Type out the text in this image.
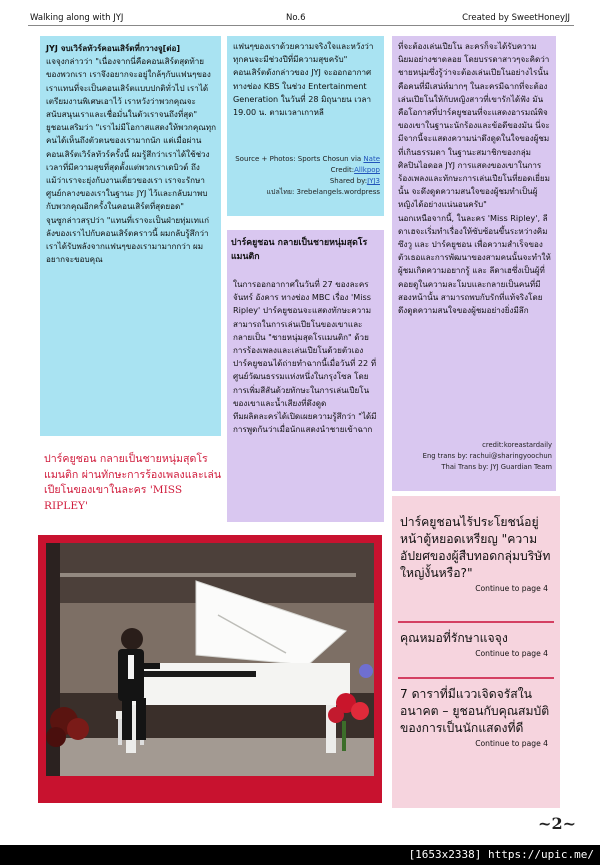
Walking along with JYJ	No.6	Created by SweetHoneyJJ

JYJ จบเวิร์ลทัวร์คอนเสิร์ตที่กวางจู[ต่อ]

แจจุงกล่าวว่า "เนื่องจากนี่คือคอนเสิร์ตสุดท้ายของพวกเรา เราจึงอยากจะอยู่ใกล้ๆกับแฟนๆของเราแทนที่จะเป็นคอนเสิร์ตแบบปกติทั่วไป เราได้เตรียมงานพิเศษเอาไว้ เราหวังว่าพวกคุณจะสนับสนุนเราและเชื่อมั่นในตัวเราจนถึงที่สุด"

ยูชอนเสริมว่า "เราไม่มีโอกาสแสดงให้พวกคุณทุกคนได้เห็นถึงตัวตนของเรามากนัก แต่เมื่อผ่านคอนเสิร์ตเวิร์ลทัวร์ครั้งนี้ ผมรู้สึกว่าเราได้ใช้ช่วงเวลาที่มีความสุขที่สุดตั้งแต่พวกเราเดบิวต์ ถึงแม้ว่าเราจะยุ่งกับงานเดี่ยวของเรา เราจะรักษาศูนย์กลางของเราในฐานะ JYJ ไว้และกลับมาพบกับพวกคุณอีกครั้งในคอนเสิร์ตที่สุดยอด"

จุนซูกล่าวสรุปว่า "แทนที่เราจะเป็นฝ่ายทุ่มเทแก่ลังของเราไปกับคอนเสิร์ตคราวนี้ ผมกลับรู้สึกว่าเราได้รับพลังจากแฟนๆของเรามามากกว่า ผมอยากจะขอบคุณ

แฟนๆของเราด้วยความจริงใจและหวังว่าทุกคนจะมีช่วงปีที่มีความสุขครับ"

คอนเสิร์ตดังกล่าวของ JYJ จะออกอากาศทางช่อง KBS ในช่วง Entertainment Generation ในวันที่ 28 มิถุนายน เวลา 19.00 น. ตามเวลาเกาหลี

Source + Photos: Sports Chosun via Nate
Credit:Allkpop
Shared by:JYJ3
แปลไทย: 3rebelangels.wordpress
ปาร์คยูชอน กลายเป็นชายหนุ่มสุดโรแมนติก

ในการออกอากาศในวันที่ 27 ของละครจันทร์ อังคาร ทางช่อง MBC เรื่อง 'Miss Ripley' ปาร์คยูชอนจะแสดงทักษะความสามารถในการเล่นเปียโนของเขาและกลายเป็น "ชายหนุ่มสุดโรแมนติก" ด้วยการร้องเพลงและเล่นเปียโนด้วยตัวเอง

ปาร์คยูชอนได้ถ่ายทำฉากนี้เมื่อวันที่ 22 ที่ศูนย์วัฒนธรรมแห่งหนึ่งในกรุงโซล โดยการเพิ่มสีสันด้วยทักษะในการเล่นเปียโนของเขาและน้ำเสียงที่ดึงดูด

ทีมผลิตละครได้เปิดเผยความรู้สึกว่า "ได้มีการพูดกันว่าเมื่อนักแสดงนำชายเข้าฉาก

ที่จะต้องเล่นเปียโน ละครก็จะได้รับความนิยมอย่างชาดลอย โดยบรรดาสาวๆจะคิดว่า ชายหนุ่มซึ่งรู้ว่าจะต้องเล่นเปียโนอย่างไรนั้นคือคนที่มีเสน่ห์มากๆ ในละครมีฉากที่จะต้องเล่นเปียโนให้กับหญิงสาวที่เขารักได้ฟัง มันคือโอกาสที่ปาร์คยูชอนที่จะแสดงอารมณ์พิจของเขาในฐานะนักร้องและข้อดีของมัน นี่จะมีจากนี้จะแสดงความน่าดึงดูดในใจของผู้ชมที่เกินธรรมดา ในฐานะสมาชิกของกลุ่มศิลปินไอดอล JYJ การแสดงของเขาในการร้องเพลงและทักษะการเล่นเปียโนที่ยอดเยี่ยมนั้น จะดึงดูดความสนใจของผู้ชมทำเป็นผู้หญิงได้อย่างแน่นอนครับ"

นอกเหนือจากนี้, ในละคร 'Miss Ripley', ลีดาเฮจะเริ่มทำเรื่องให้ซับซ้อนขึ้นระหว่างคิมซึงวู และ ปาร์คยูชอน เพื่อความสำเร็จของตัวเธอและการพัฒนาของสามคนนั้นจะทำให้ผู้ชมเกิดความอยากรู้ และ ลีดาเฮซึ่งเป็นผู้ที่คอยดูในความละโมบและกลายเป็นคนที่มีสองหน้านั้น สามารถพบกับรักที่แท้จริงโดยดึงดูดความสนใจของผู้ชมอย่างยิ่งมีลึก

credit:koreastardaily
Eng trans by: rachui@sharingyoochun
Thai Trans by: JYJ Guardian Team
ปาร์คยูชอน กลายเป็นชายหนุ่มสุดโรแมนติก ผ่านทักษะการร้องเพลงและเล่นเปียโนของเขาในละคร 'MISS RIPLEY'

ปาร์คยูชอนไร้ประโยชน์อยู่หน้าตู้หยอดเหรียญ "ความอัปยศของผู้สืบทอดกลุ่มบริษัทใหญ่งั้นหรือ?"

Continue to page 4

คุณหมอที่รักษาแจจุง

Continue to page 4

7 ดาราที่มีแววเจิดจรัสในอนาคต – ยูชอนกับคุณสมบัติของการเป็นนักแสดงที่ดี

Continue to page 4
~2~
[1653x2338] https://upic.me/
